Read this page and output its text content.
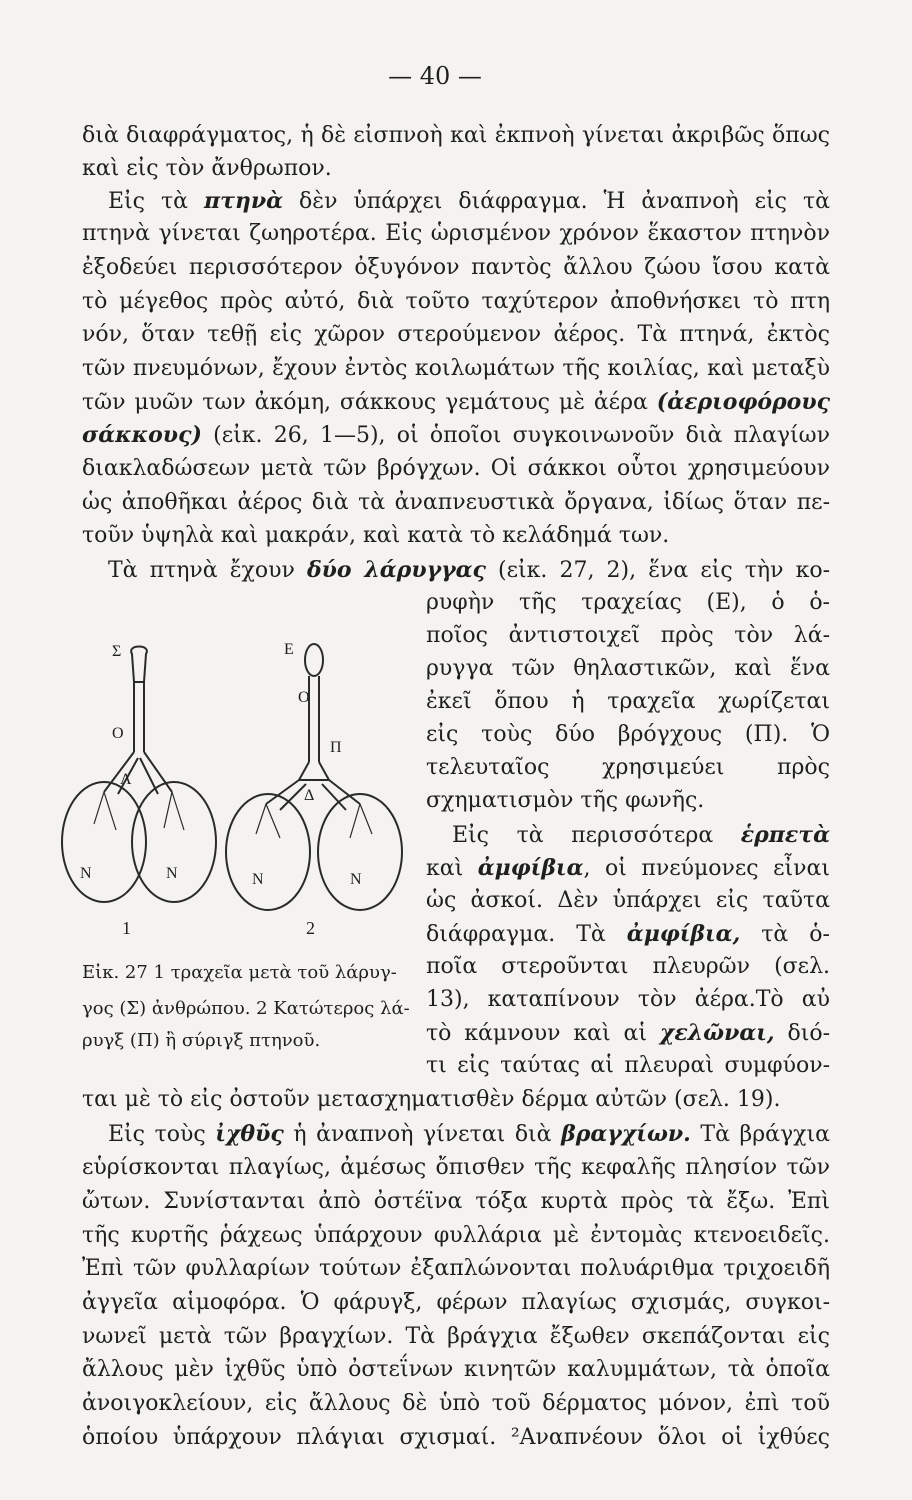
— 40 —
διὰ διαφράγματος, ἡ δὲ εἰσπνοὴ καὶ ἐκπνοὴ γίνεται ἀκριβῶς ὅπως
καὶ εἰς τὸν ἄνθρωπον.
Εἰς τὰ πτηνὰ δὲν ὑπάρχει διάφραγμα. Ἡ ἀναπνοὴ εἰς τὰ
πτηνὰ γίνεται ζωηροτέρα. Εἰς ὡρισμένον χρόνον ἕκαστον πτηνὸν
ἐξοδεύει περισσότερον ὀξυγόνον παντὸς ἄλλου ζώου ἴσου κατὰ
τὸ μέγεθος πρὸς αὐτό, διὰ τοῦτο ταχύτερον ἀποθνήσκει τὸ πτη
νόν, ὅταν τεθῇ εἰς χῶρον στερούμενον ἀέρος. Τὰ πτηνά, ἐκτὸς
τῶν πνευμόνων, ἔχουν ἐντὸς κοιλωμάτων τῆς κοιλίας, καὶ μεταξὺ
τῶν μυῶν των ἀκόμη, σάκκους γεμάτους μὲ ἀέρα (ἀεριοφόρους
σάκκους) (εἰκ. 26, 1—5), οἱ ὁποῖοι συγκοινωνοῦν διὰ πλαγίων
διακλαδώσεων μετὰ τῶν βρόγχων. Οἱ σάκκοι οὗτοι χρησιμεύουν
ὡς ἀποθῆκαι ἀέρος διὰ τὰ ἀναπνευστικὰ ὄργανα, ἰδίως ὅταν πε-
τοῦν ὑψηλὰ καὶ μακράν, καὶ κατὰ τὸ κελάδημά των.
Τὰ πτηνὰ ἔχουν δύο λάρυγγας (εἰκ. 27, 2), ἕνα εἰς τὴν κο-
ρυφὴν τῆς τραχείας (Ε), ὁ ὁ-
ποῖος ἀντιστοιχεῖ πρὸς τὸν λά-
ρυγγα τῶν θηλαστικῶν, καὶ ἕνα
ἐκεῖ ὅπου ἡ τραχεῖα χωρίζεται
εἰς τοὺς δύο βρόγχους (Π). Ὁ
τελευταῖος χρησιμεύει πρὸς
σχηματισμὸν τῆς φωνῆς.
Εἰς τὰ περισσότερα ἑρπετὰ
καὶ ἀμφίβια, οἱ πνεύμονες εἶναι
ὡς ἀσκοί. Δὲν ὑπάρχει εἰς ταῦτα
διάφραγμα. Τὰ ἀμφίβια, τὰ ὁ-
ποῖα στεροῦνται πλευρῶν (σελ.
13), καταπίνουν τὸν ἀέρα.Τὸ αὐ
τὸ κάμνουν καὶ αἱ χελῶναι, διό-
τι εἰς ταύτας αἱ πλευραὶ συμφύον-
ται μὲ τὸ εἰς ὀστοῦν μετασχηματισθὲν δέρμα αὐτῶν (σελ. 19).
Εἰς τοὺς ἰχθῦς ἡ ἀναπνοὴ γίνεται διὰ βραγχίων. Τὰ βράγχια
εὑρίσκονται πλαγίως, ἀμέσως ὄπισθεν τῆς κεφαλῆς πλησίον τῶν
ὤτων. Συνίστανται ἀπὸ ὀστέϊνα τόξα κυρτὰ πρὸς τὰ ἔξω. Ἐπὶ
τῆς κυρτῆς ῥάχεως ὑπάρχουν φυλλάρια μὲ ἐντομὰς κτενοειδεῖς.
Ἐπὶ τῶν φυλλαρίων τούτων ἐξαπλώνονται πολυάριθμα τριχοειδῆ
ἀγγεῖα αἱμοφόρα. Ὁ φάρυγξ, φέρων πλαγίως σχισμάς, συγκοι-
νωνεῖ μετὰ τῶν βραγχίων. Τὰ βράγχια ἔξωθεν σκεπάζονται εἰς
ἄλλους μὲν ἰχθῦς ὑπὸ ὀστεΐνων κινητῶν καλυμμάτων, τὰ ὁποῖα
ἀνοιγοκλείουν, εἰς ἄλλους δὲ ὑπὸ τοῦ δέρματος μόνον, ἐπὶ τοῦ
ὁποίου ὑπάρχουν πλάγιαι σχισμαί. ²Αναπνέουν ὅλοι οἱ ἰχθύες
Σ
Ο
Λ
Ν	Ν
Ε
Ο
Π
Δ
Ν	Ν
1	2
Εἰκ. 27 1 τραχεῖα μετὰ τοῦ λάρυγ-
γος (Σ) ἀνθρώπου. 2 Κατώτερος λά-
ρυγξ (Π) ἢ σύριγξ πτηνοῦ.
